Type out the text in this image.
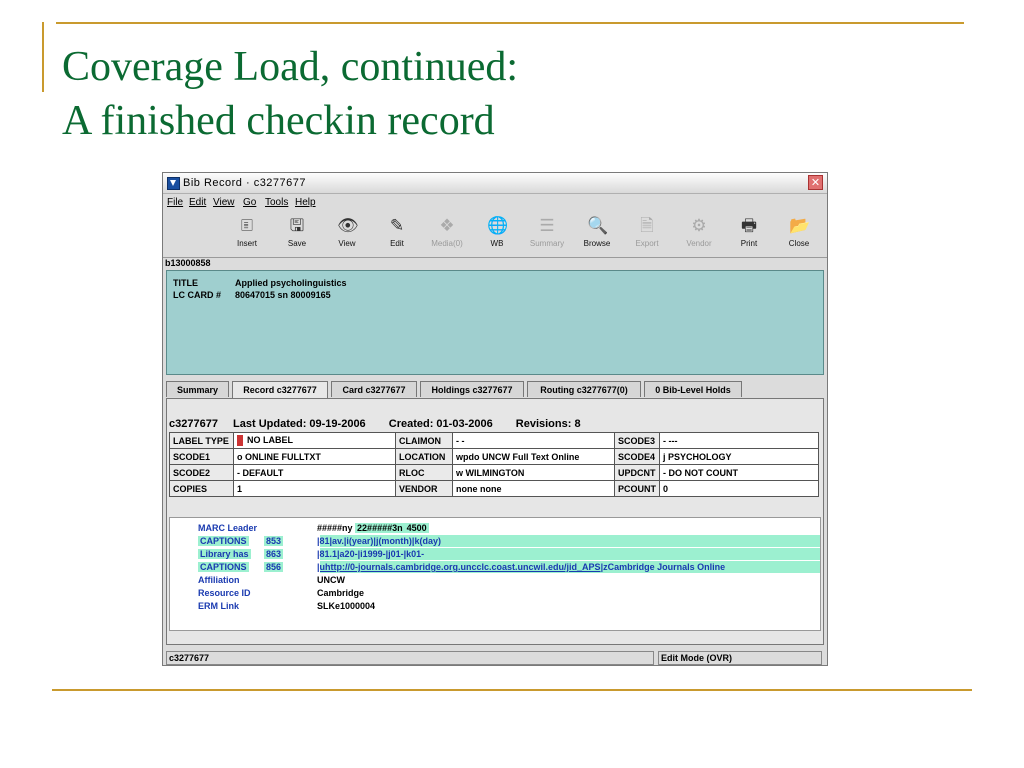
Coverage Load, continued:
A finished checkin record
Bib Record · c3277677	✕
File Edit View Go Tools Help
🗉
Insert
🖫
Save
👁
View
✎
Edit
❖
Media(0)
🌐
WB
☰
Summary
🔍
Browse
🗎
Export
⚙
Vendor
🖶
Print
📂
Close
b13000858
TITLE	Applied psycholinguistics
LC CARD # 80647015 sn 80009165
Summary	Record c3277677	Card c3277677	Holdings c3277677	Routing c3277677(0)	0 Bib-Level Holds
c3277677 Last Updated: 09-19-2006 Created: 01-03-2006 Revisions: 8
LABEL TYPE	NO LABEL	CLAIMON	- -	SCODE3	- ---
SCODE1	o ONLINE FULLTXT	LOCATION	wpdo UNCW Full Text Online	SCODE4	j PSYCHOLOGY
SCODE2	- DEFAULT	RLOC	w WILMINGTON	UPDCNT	- DO NOT COUNT
COPIES	1	VENDOR	none none	PCOUNT	0
MARC Leader	#####ny 22#####3n 4500
CAPTIONS 853	|81|av.|i(year)|j(month)|k(day)
Library has 863	|81.1|a20-|i1999-|j01-|k01-
CAPTIONS 856	|uhttp://0-journals.cambridge.org.uncclc.coast.uncwil.edu/jid_APS|zCambridge Journals Online
Affiliation	UNCW
Resource ID	Cambridge
ERM Link	SLKe1000004
c3277677	Edit Mode (OVR)
